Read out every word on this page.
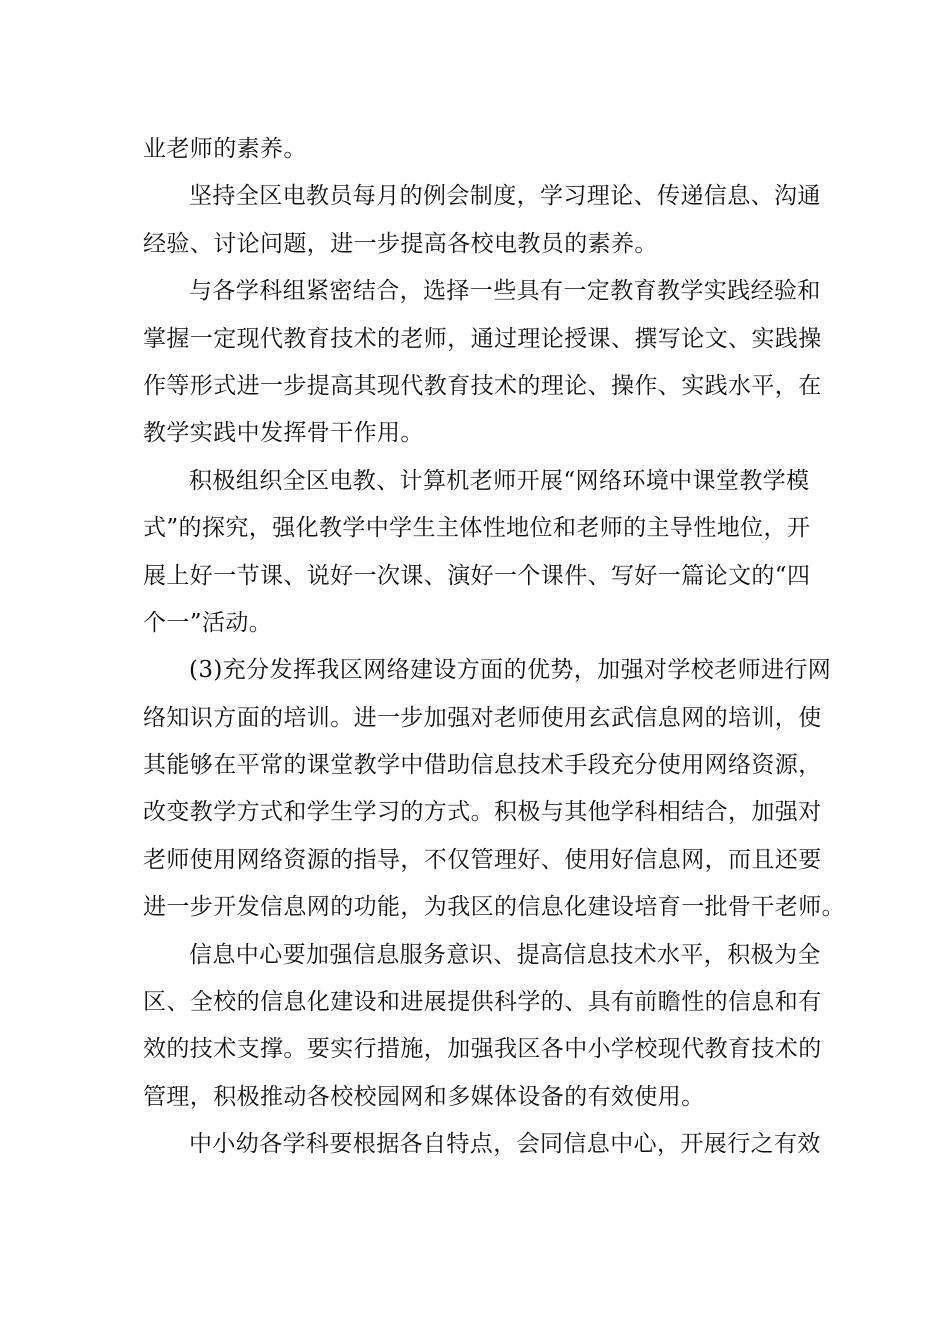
业老师的素养。

坚持全区电教员每月的例会制度，学习理论、传递信息、沟通
经验、讨论问题，进一步提高各校电教员的素养。

与各学科组紧密结合，选择一些具有一定教育教学实践经验和
掌握一定现代教育技术的老师，通过理论授课、撰写论文、实践操
作等形式进一步提高其现代教育技术的理论、操作、实践水平，在
教学实践中发挥骨干作用。

积极组织全区电教、计算机老师开展“网络环境中课堂教学模
式”的探究，强化教学中学生主体性地位和老师的主导性地位，开
展上好一节课、说好一次课、演好一个课件、写好一篇论文的“四
个一”活动。

(3)充分发挥我区网络建设方面的优势，加强对学校老师进行网
络知识方面的培训。进一步加强对老师使用玄武信息网的培训，使
其能够在平常的课堂教学中借助信息技术手段充分使用网络资源，
改变教学方式和学生学习的方式。积极与其他学科相结合，加强对
老师使用网络资源的指导，不仅管理好、使用好信息网，而且还要
进一步开发信息网的功能，为我区的信息化建设培育一批骨干老师。

信息中心要加强信息服务意识、提高信息技术水平，积极为全
区、全校的信息化建设和进展提供科学的、具有前瞻性的信息和有
效的技术支撑。要实行措施，加强我区各中小学校现代教育技术的
管理，积极推动各校校园网和多媒体设备的有效使用。

中小幼各学科要根据各自特点，会同信息中心，开展行之有效
